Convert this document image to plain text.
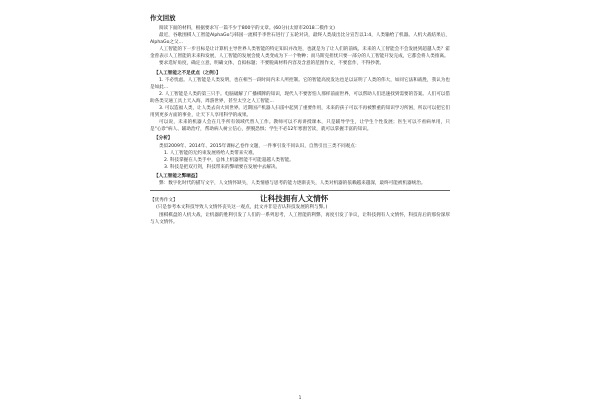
作文回放

阅读下面的材料，根据要求写一篇不少于800字的文章。(60分)(太原市2018二模作文)

最近，谷歌围棋人工智能AlphaGo与韩国一流棋手李世石进行了五轮对决，最终人类战出比分宣告以1:4，人类输给了机器。人机大战结果后，AlphaGo之父...

人工智能的下一步目标是让计算机主导世界人类智能的特定知识并改进，也就是为了让人们的前线。未来的人工智能会不会发展到超越人类？霍金曾表示人工智能的未来和发展，人工智能的发展会使人类变成为下一个物种；而马斯克担忧只要一部分的人工智能开发完成，它都会将人类推离。

要求选好角度，确定立意，明确文体，自拟标题；不要脱离材料内容及含意的范围作文，不要套作，不得抄袭。

【人工智能之不足优点（之例）】

1. 不必忧虑。人工智能是人类发明，也在相当一段时间内未人所控制。它的智能高度发达也足以证明了人类的伟大，如同它法和战胜，我认为也是如此...

2. 人工智能是人类的第三只手。电脑破解了广播棋牌的知识，现代人不要害怕人那样前面世界，可以帮助人们迅速找到需要的答案。人们可以借助各类交通工具上天入海，周游世界，甚至太空之人工智能...

3. 可以造福人类，让人类去向大同世界。近期国产机器人扫雷中起到了重要作用，未来的孩子可以不再被繁重的知识学习所困，所以可以把它们用到更多方面的事业，让天下人享用科学的成果。

可以说，未来的机器人会在几乎所有领域代替人工作。教师可以不再讲授课本，只是辅导学生，让学生个性发展；医生可以不看病单用，只是"心诊"病人、辅助治疗，帮助病人树立信心，摆脱恐惧；学生不必12年寒窗苦读，就可以掌握丰富的知识。

【分析】

类似2009年、2014年、2015年课标乙卷作文题，一件事引发不同认识，自然引出三类不同观点：

1. 人工智能的无约束发展将给人类带来灾难。
2. 科技掌握在人类手中，总体上机器智能不可能超越人类智能。
3. 科技是把双刃剑，科技带来的弊端要在发展中去解决。
【人工智能之弊端益】

弊：数字化时代的描写文字，人文情怀缺失，人类情感与思考的能力逐渐丧失，人类对机器的依赖越来越深，最终可能被机器统治。

【优秀作文】	让科技拥有人文情怀
(只是参考本文科技导致人文情怀丧失这一观点，此文并非是否认科技发展的利与弊。)

围棋棋盘的人机大战，让机器的胜利引发了人们的一系列思考，人工智能的利弊，再度引发了争议，让科技拥有人文情怀，科技育后的那份深厚与人文情怀。

1
